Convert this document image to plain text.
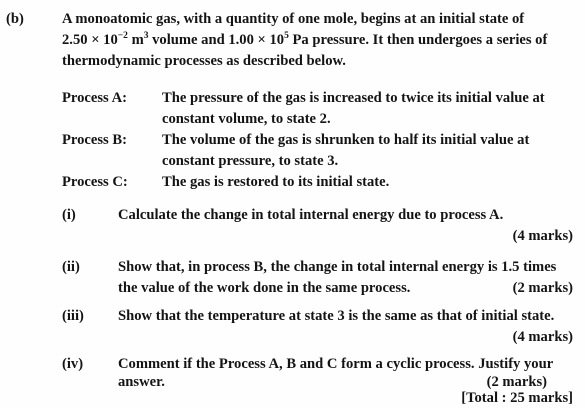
(b)	A monoatomic gas, with a quantity of one mole, begins at an initial state of
$2.50 \times 10^{-2}$ $m^3$ volume and $1.00 \times 10^5$ Pa pressure. It then undergoes a series of
thermodynamic processes as described below.
Process A: The pressure of the gas is increased to twice its initial value at
constant volume, to state 2.
Process B: The volume of the gas is shrunken to half its initial value at
constant pressure, to state 3.
Process C: The gas is restored to its initial state.
(i)	Calculate the change in total internal energy due to process A.
(4 marks)
(ii)	Show that, in process B, the change in total internal energy is 1.5 times
the value of the work done in the same process.	(2 marks)
(iii) Show that the temperature at state 3 is the same as that of initial state.
(4 marks)
(iv) Comment if the Process A, B and C form a cyclic process. Justify your
answer.	(2 marks)
[Total : 25 marks]
